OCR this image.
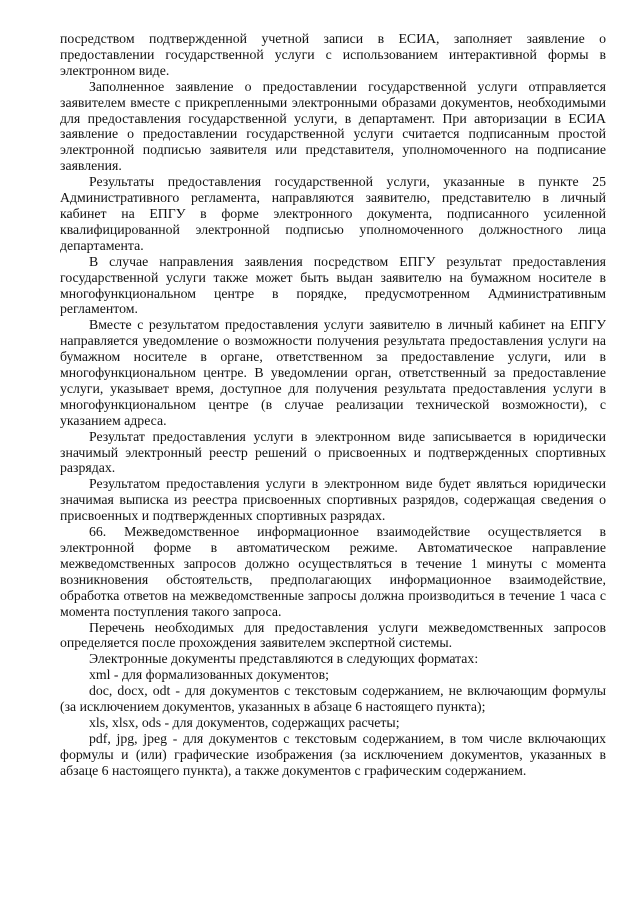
посредством подтвержденной учетной записи в ЕСИА, заполняет заявление о предоставлении государственной услуги с использованием интерактивной формы в электронном виде.

Заполненное заявление о предоставлении государственной услуги отправляется заявителем вместе с прикрепленными электронными образами документов, необходимыми для предоставления государственной услуги, в департамент. При авторизации в ЕСИА заявление о предоставлении государственной услуги считается подписанным простой электронной подписью заявителя или представителя, уполномоченного на подписание заявления.

Результаты предоставления государственной услуги, указанные в пункте 25 Административного регламента, направляются заявителю, представителю в личный кабинет на ЕПГУ в форме электронного документа, подписанного усиленной квалифицированной электронной подписью уполномоченного должностного лица департамента.

В случае направления заявления посредством ЕПГУ результат предоставления государственной услуги также может быть выдан заявителю на бумажном носителе в многофункциональном центре в порядке, предусмотренном Административным регламентом.

Вместе с результатом предоставления услуги заявителю в личный кабинет на ЕПГУ направляется уведомление о возможности получения результата предоставления услуги на бумажном носителе в органе, ответственном за предоставление услуги, или в многофункциональном центре. В уведомлении орган, ответственный за предоставление услуги, указывает время, доступное для получения результата предоставления услуги в многофункциональном центре (в случае реализации технической возможности), с указанием адреса.

Результат предоставления услуги в электронном виде записывается в юридически значимый электронный реестр решений о присвоенных и подтвержденных спортивных разрядах.

Результатом предоставления услуги в электронном виде будет являться юридически значимая выписка из реестра присвоенных спортивных разрядов, содержащая сведения о присвоенных и подтвержденных спортивных разрядах.

66. Межведомственное информационное взаимодействие осуществляется в электронной форме в автоматическом режиме. Автоматическое направление межведомственных запросов должно осуществляться в течение 1 минуты с момента возникновения обстоятельств, предполагающих информационное взаимодействие, обработка ответов на межведомственные запросы должна производиться в течение 1 часа с момента поступления такого запроса.

Перечень необходимых для предоставления услуги межведомственных запросов определяется после прохождения заявителем экспертной системы.

Электронные документы представляются в следующих форматах:

xml - для формализованных документов;

doc, docx, odt - для документов с текстовым содержанием, не включающим формулы (за исключением документов, указанных в абзаце 6 настоящего пункта);

xls, xlsx, ods - для документов, содержащих расчеты;

pdf, jpg, jpeg - для документов с текстовым содержанием, в том числе включающих формулы и (или) графические изображения (за исключением документов, указанных в абзаце 6 настоящего пункта), а также документов с графическим содержанием.
